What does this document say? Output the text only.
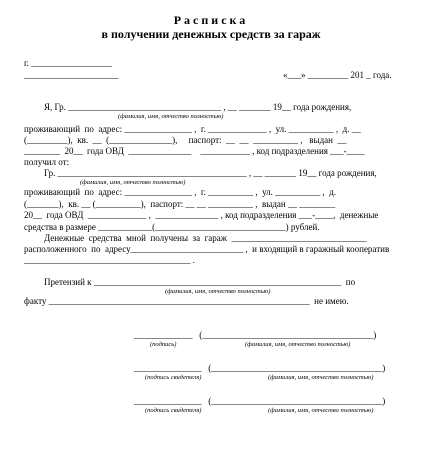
Расписка
в получении денежных средств за гараж
г. __________________
_____________________	«___» _________ 201 _ года.
Я, Гр. __________________________________ , __ _______ 19__ года рождения,
(фамилия, имя, отчество полностью)
проживающий  по  адрес: _______________ ,  г. _____________ ,  ул. __________ ,  д. __
(_________),  кв.  __  (______________),     паспорт:  __  __  __________ ,   выдан  __
________  20__  года ОВД  ______________    ___________ , код подразделения ___-____
получил от:
Гр. __________________________________________ , __ _______ 19__ года рождения,
(фамилия, имя, отчество полностью)
проживающий  по  адрес: _______________ ,  г. __________ ,  ул. __________ ,  д.
(_______),  кв. __ (__________),  паспорт: __ __ __________ ,  выдан __ ________
20__  года ОВД  _____________ ,  ______________ , код подразделения ___-____,  денежные
средства в размере ____________(_____________________________) рублей.
Денежные  средства  мной  получены  за  гараж  ______________________________
расположенного  по  адресу_________________________ ,  и входящий в гаражный кооператив
_____________________________________ .
Претензий к _______________________________________________________  по
(фамилия, имя, отчество полностью)
факту __________________________________________________________  не имею.
_____________   (______________________________________)
(подпись)	(фамилия, имя, отчество полностью)
_______________   (______________________________________)
(подпись свидетеля)	(фамилия, имя, отчество полностью)
_______________   (______________________________________)
(подпись свидетеля)	(фамилия, имя, отчество полностью)
